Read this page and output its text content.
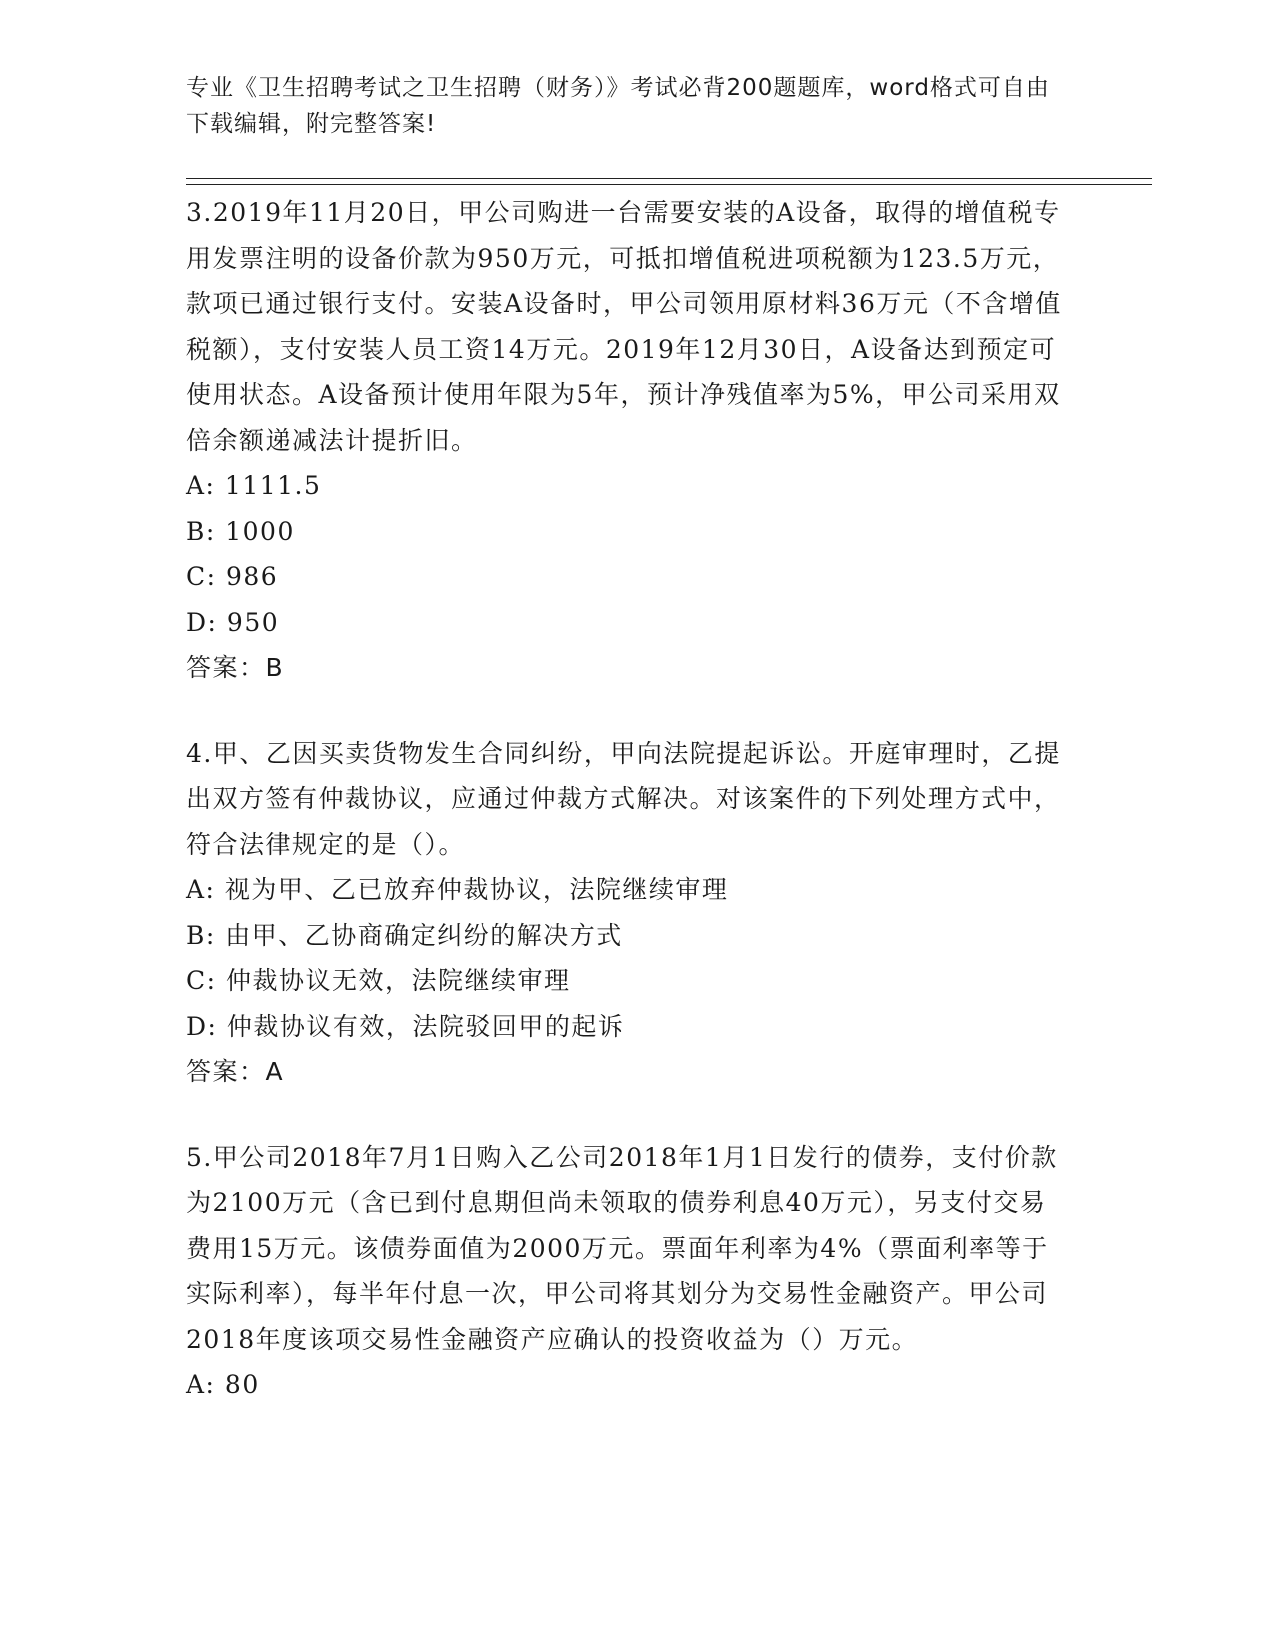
专业《卫生招聘考试之卫生招聘（财务）》考试必背200题题库，word格式可自由下载编辑，附完整答案!

3.2019年11月20日，甲公司购进一台需要安装的A设备，取得的增值税专用发票注明的设备价款为950万元，可抵扣增值税进项税额为123.5万元，款项已通过银行支付。安装A设备时，甲公司领用原材料36万元（不含增值税额），支付安装人员工资14万元。2019年12月30日，A设备达到预定可使用状态。A设备预计使用年限为5年，预计净残值率为5%，甲公司采用双倍余额递减法计提折旧。

A: 1111.5

B: 1000

C: 986

D: 950

答案：B

4.甲、乙因买卖货物发生合同纠纷，甲向法院提起诉讼。开庭审理时，乙提出双方签有仲裁协议，应通过仲裁方式解决。对该案件的下列处理方式中，符合法律规定的是（）。

A: 视为甲、乙已放弃仲裁协议，法院继续审理

B: 由甲、乙协商确定纠纷的解决方式

C: 仲裁协议无效，法院继续审理

D: 仲裁协议有效，法院驳回甲的起诉

答案：A

5.甲公司2018年7月1日购入乙公司2018年1月1日发行的债券，支付价款为2100万元（含已到付息期但尚未领取的债券利息40万元），另支付交易费用15万元。该债券面值为2000万元。票面年利率为4%（票面利率等于实际利率），每半年付息一次，甲公司将其划分为交易性金融资产。甲公司2018年度该项交易性金融资产应确认的投资收益为（）万元。

A: 80
